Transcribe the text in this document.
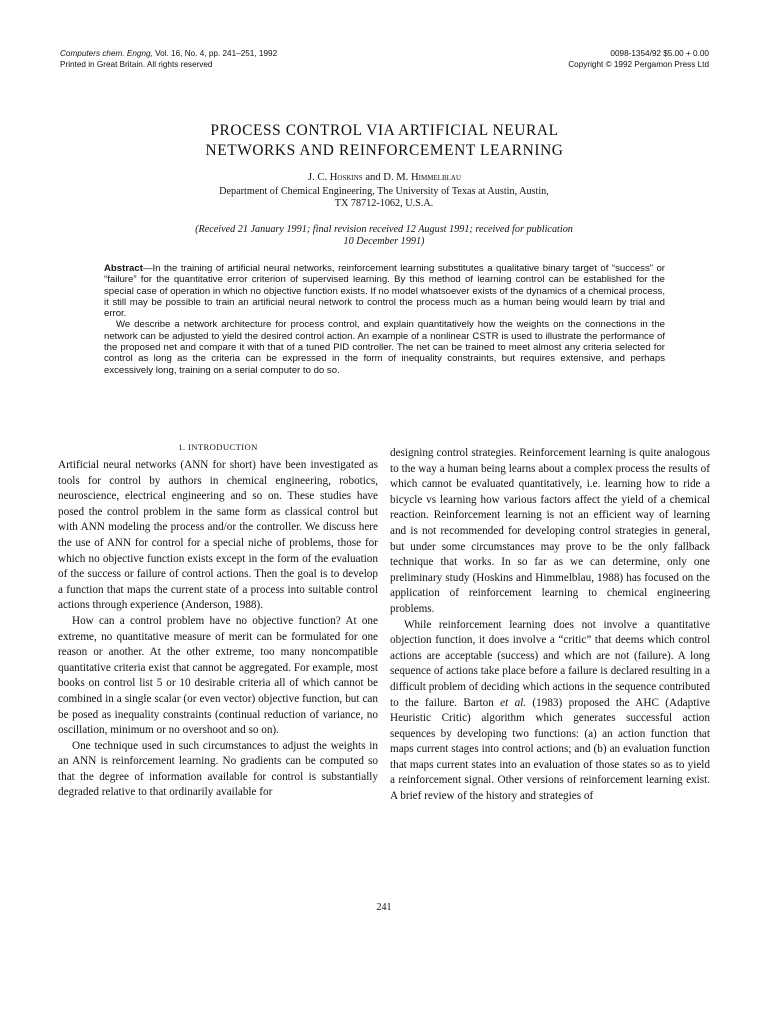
Computers chem. Engng, Vol. 16, No. 4, pp. 241–251, 1992
Printed in Great Britain. All rights reserved
0098-1354/92 $5.00 + 0.00
Copyright © 1992 Pergamon Press Ltd
PROCESS CONTROL VIA ARTIFICIAL NEURAL
NETWORKS AND REINFORCEMENT LEARNING
J. C. Hoskins and D. M. Himmelblau
Department of Chemical Engineering, The University of Texas at Austin, Austin,
TX 78712-1062, U.S.A.
(Received 21 January 1991; final revision received 12 August 1991; received for publication
10 December 1991)

Abstract—In the training of artificial neural networks, reinforcement learning substitutes a qualitative binary target of “success” or “failure” for the quantitative error criterion of supervised learning. By this method of learning control can be established for the special case of operation in which no objective function exists. If no model whatsoever exists of the dynamics of a chemical process, it still may be possible to train an artificial neural network to control the process much as a human being would learn by trial and error.

We describe a network architecture for process control, and explain quantitatively how the weights on the connections in the network can be adjusted to yield the desired control action. An example of a nonlinear CSTR is used to illustrate the performance of the proposed net and compare it with that of a tuned PID controller. The net can be trained to meet almost any criteria selected for control as long as the criteria can be expressed in the form of inequality constraints, but requires extensive, and perhaps excessively long, training on a serial computer to do so.

1. INTRODUCTION

Artificial neural networks (ANN for short) have been investigated as tools for control by authors in chemical engineering, robotics, neuroscience, electrical engineering and so on. These studies have posed the control problem in the same form as classical control but with ANN modeling the process and/or the controller. We discuss here the use of ANN for control for a special niche of problems, those for which no objective function exists except in the form of the evaluation of the success or failure of control actions. Then the goal is to develop a function that maps the current state of a process into suitable control actions through experience (Anderson, 1988).

How can a control problem have no objective function? At one extreme, no quantitative measure of merit can be formulated for one reason or another. At the other extreme, too many noncompatible quantitative criteria exist that cannot be aggregated. For example, most books on control list 5 or 10 desirable criteria all of which cannot be combined in a single scalar (or even vector) objective function, but can be posed as inequality constraints (continual reduction of variance, no oscillation, minimum or no overshoot and so on).

One technique used in such circumstances to adjust the weights in an ANN is reinforcement learning. No gradients can be computed so that the degree of information available for control is substantially degraded relative to that ordinarily available for

designing control strategies. Reinforcement learning is quite analogous to the way a human being learns about a complex process the results of which cannot be evaluated quantitatively, i.e. learning how to ride a bicycle vs learning how various factors affect the yield of a chemical reaction. Reinforcement learning is not an efficient way of learning and is not recommended for developing control strategies in general, but under some circumstances may prove to be the only fallback technique that works. In so far as we can determine, only one preliminary study (Hoskins and Himmelblau, 1988) has focused on the application of reinforcement learning to chemical engineering problems.

While reinforcement learning does not involve a quantitative objection function, it does involve a “critic” that deems which control actions are acceptable (success) and which are not (failure). A long sequence of actions take place before a failure is declared resulting in a difficult problem of deciding which actions in the sequence contributed to the failure. Barton et al. (1983) proposed the AHC (Adaptive Heuristic Critic) algorithm which generates successful action sequences by developing two functions: (a) an action function that maps current stages into control actions; and (b) an evaluation function that maps current states into an evaluation of those states so as to yield a reinforcement signal. Other versions of reinforcement learning exist. A brief review of the history and strategies of

241
